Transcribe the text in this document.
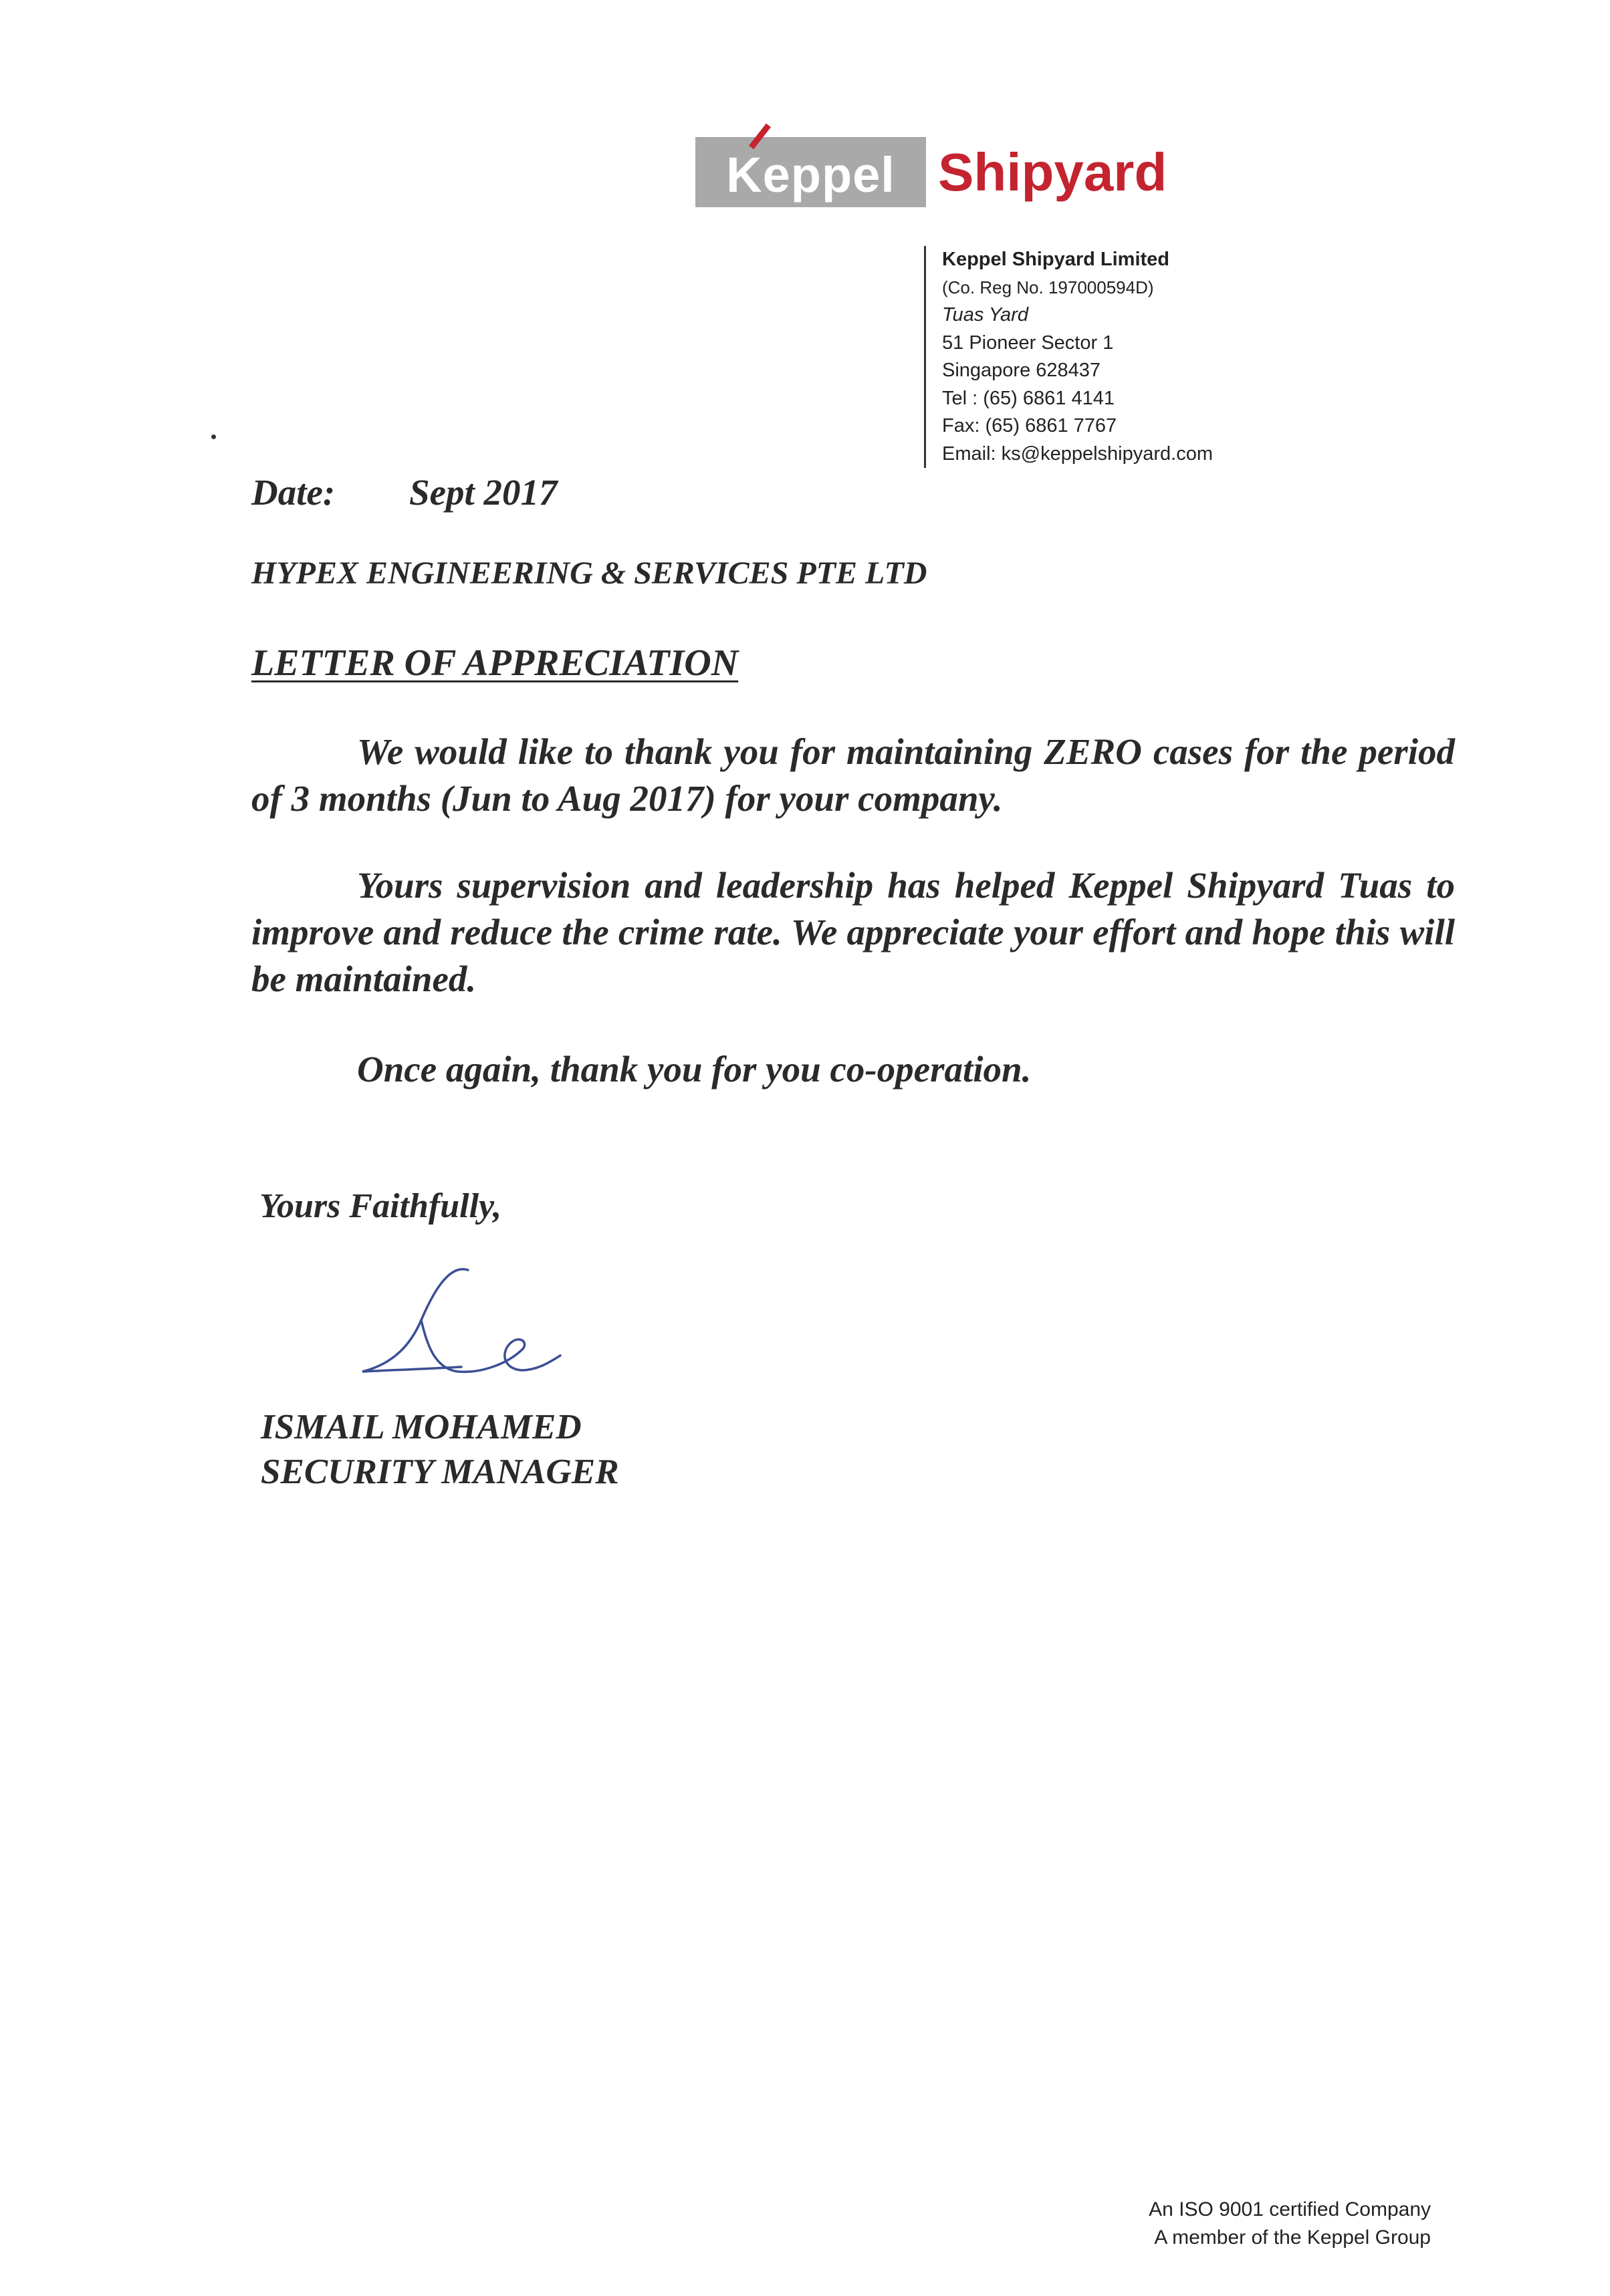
Keppel Shipyard
Keppel Shipyard Limited
(Co. Reg No. 197000594D)
Tuas Yard
51 Pioneer Sector 1
Singapore 628437
Tel : (65) 6861 4141
Fax: (65) 6861 7767
Email: ks@keppelshipyard.com
Date: Sept 2017
HYPEX ENGINEERING & SERVICES PTE LTD
LETTER OF APPRECIATION
We would like to thank you for maintaining ZERO cases for the period of 3 months (Jun to Aug 2017) for your company.
Yours supervision and leadership has helped Keppel Shipyard Tuas to improve and reduce the crime rate. We appreciate your effort and hope this will be maintained.
Once again, thank you for you co-operation.
Yours Faithfully,
ISMAIL MOHAMED
SECURITY MANAGER
An ISO 9001 certified Company
A member of the Keppel Group
